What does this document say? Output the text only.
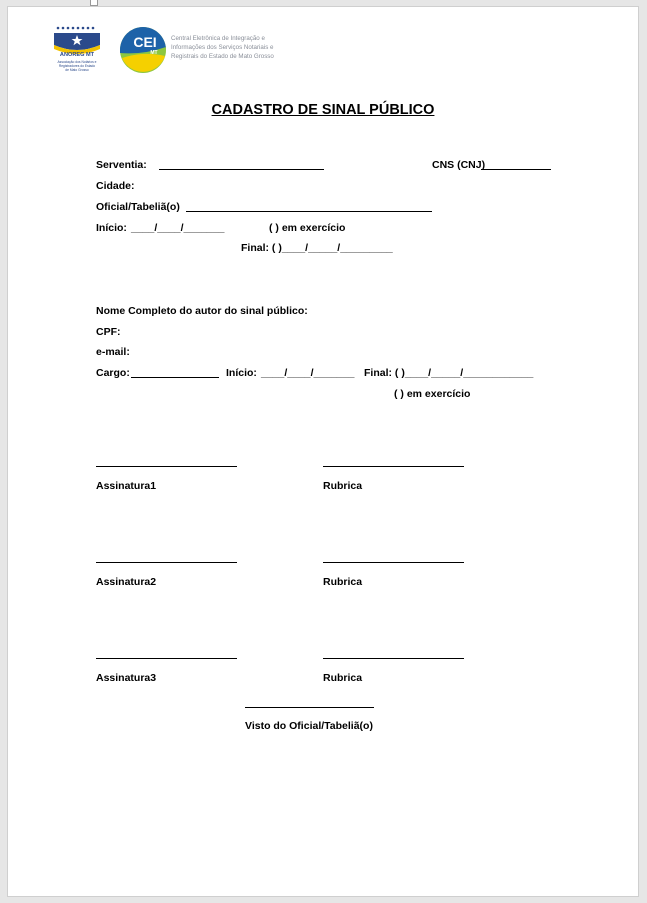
ANOREG MT
Associação dos Notários e
Registradores do Estado
de Mato Grosso
CEI
MT
Central Eletrônica de Integração e
Informações dos Serviços Notariais e
Registrais do Estado de Mato Grosso
CADASTRO DE SINAL PÚBLICO
Serventia:	CNS (CNJ)
Cidade:
Oficial/Tabeliã(o)
Início: ____/____/_______	( ) em exercício
Final: ( )____/_____/_________
Nome Completo do autor do sinal público:
CPF:
e-mail:
Cargo:	Início: ____/____/_______ Final: ( )____/_____/____________
( ) em exercício
Assinatura1	Rubrica
Assinatura2	Rubrica
Assinatura3	Rubrica
Visto do Oficial/Tabeliã(o)
